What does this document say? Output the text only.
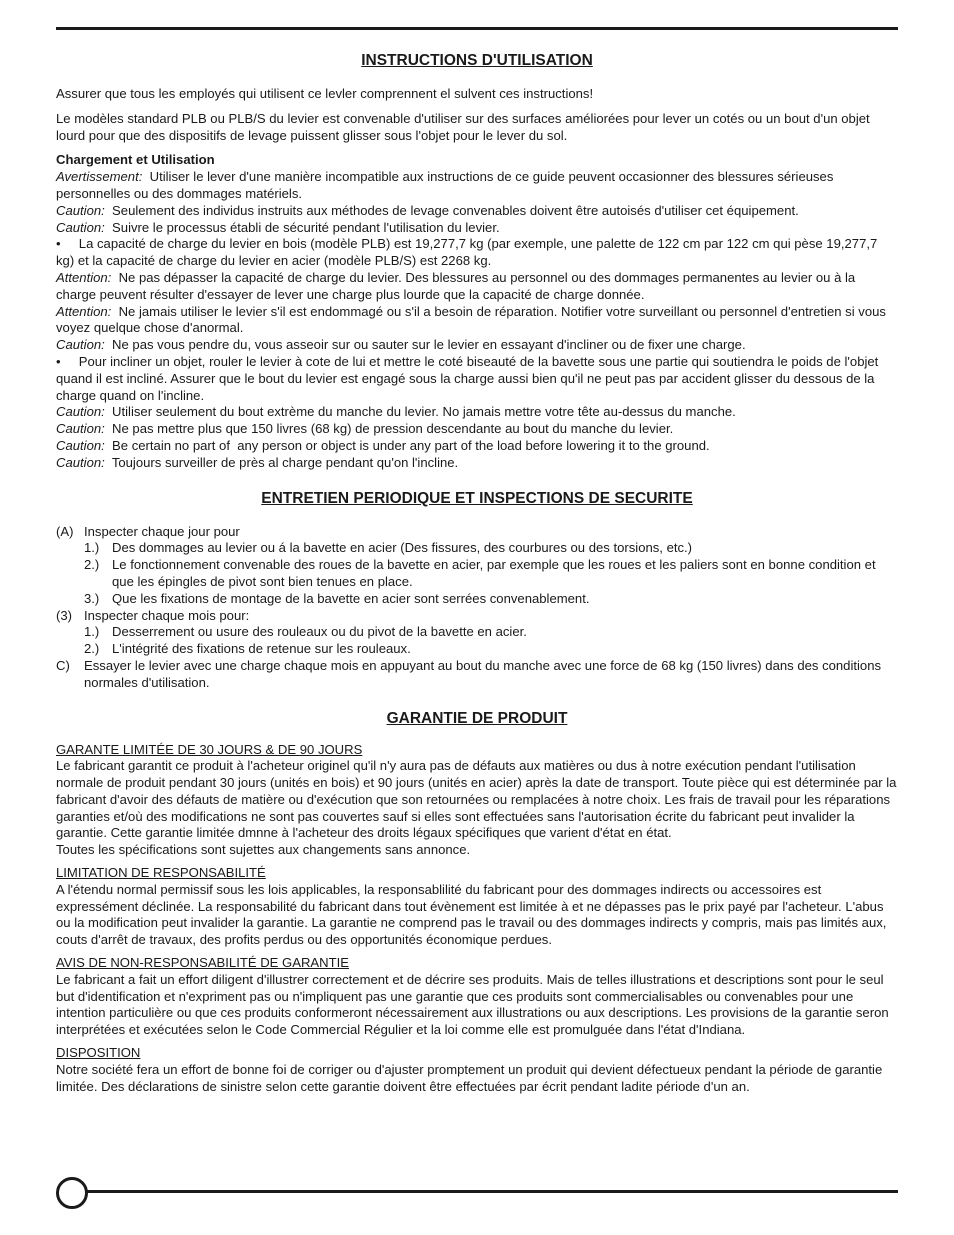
INSTRUCTIONS D'UTILISATION

Assurer que tous les employés qui utilisent ce levler comprennent el sulvent ces instructions!

Le modèles standard PLB ou PLB/S du levier est convenable d'utiliser sur des surfaces améliorées pour lever un cotés ou un bout d'un objet lourd pour que des dispositifs de levage puissent glisser sous l'objet pour le lever du sol.

Chargement et Utilisation

Avertissement:  Utiliser le lever d'une manière incompatible aux instructions de ce guide peuvent occasionner des blessures sérieuses personnelles ou des dommages matériels.

Caution:  Seulement des individus instruits aux méthodes de levage convenables doivent être autoisés d'utiliser cet équipement.

Caution:  Suivre le processus établi de sécurité pendant l'utilisation du levier.

•     La capacité de charge du levier en bois (modèle PLB) est 19,277,7 kg (par exemple, une palette de 122 cm par 122 cm qui pèse 19,277,7 kg) et la capacité de charge du levier en acier (modèle PLB/S) est 2268 kg.

Attention:  Ne pas dépasser la capacité de charge du levier. Des blessures au personnel ou des dommages permanentes au levier ou à la charge peuvent résulter d'essayer de lever une charge plus lourde que la capacité de charge donnée.

Attention:  Ne jamais utiliser le levier s'il est endommagé ou s'il a besoin de réparation. Notifier votre surveillant ou personnel d'entretien si vous voyez quelque chose d'anormal.

Caution:  Ne pas vous pendre du, vous asseoir sur ou sauter sur le levier en essayant d'incliner ou de fixer une charge.

•     Pour incliner un objet, rouler le levier à cote de lui et mettre le coté biseauté de la bavette sous une partie qui soutiendra le poids de l'objet quand il est incliné. Assurer que le bout du levier est engagé sous la charge aussi bien qu'il ne peut pas par accident glisser du dessous de la charge quand on l'incline.

Caution:  Utiliser seulement du bout extrème du manche du levier. No jamais mettre votre tête au-dessus du manche.

Caution:  Ne pas mettre plus que 150 livres (68 kg) de pression descendante au bout du manche du levier.

Caution:  Be certain no part of  any person or object is under any part of the load before lowering it to the ground.

Caution:  Toujours surveiller de près al charge pendant qu'on l'incline.

ENTRETIEN PERIODIQUE ET INSPECTIONS DE SECURITE
(A) Inspecter chaque jour pour
1.) Des dommages au levier ou á la bavette en acier (Des fissures, des courbures ou des torsions, etc.)
2.) Le fonctionnement convenable des roues de la bavette en acier, par exemple que les roues et les paliers sont en bonne condition et que les épingles de pivot sont bien tenues en place.
3.) Que les fixations de montage de la bavette en acier sont serrées convenablement.
(3) Inspecter chaque mois pour:
1.) Desserrement ou usure des rouleaux ou du pivot de la bavette en acier.
2.) L'intégrité des fixations de retenue sur les rouleaux.
C)	Essayer le levier avec une charge chaque mois en appuyant au bout du manche avec une force de 68 kg (150 livres) dans des conditions normales d'utilisation.
GARANTIE DE PRODUIT

GARANTE LIMITÉE DE 30 JOURS & DE 90 JOURS

Le fabricant garantit ce produit à l'acheteur originel qu'il n'y aura pas de défauts aux matières ou dus à notre exécution pendant l'utilisation normale de produit pendant 30 jours (unités en bois) et 90 jours (unités en acier) après la date de transport. Toute pièce qui est déterminée par la fabricant d'avoir des défauts de matière ou d'exécution que son retournées ou remplacées à notre choix. Les frais de travail pour les réparations garanties et/où des modifications ne sont pas couvertes sauf si elles sont effectuées sans l'autorisation écrite du fabricant peut invalider la garantie. Cette garantie limitée dmnne à l'acheteur des droits légaux spécifiques que varient d'état en état.

Toutes les spécifications sont sujettes aux changements sans annonce.

LIMITATION DE RESPONSABILITÉ

A l'étendu normal permissif sous les lois applicables, la responsablilité du fabricant pour des dommages indirects ou accessoires est expressément déclinée. La responsabilité du fabricant dans tout évènement est limitée à et ne dépasses pas le prix payé par l'acheteur. L'abus ou la modification peut invalider la garantie. La garantie ne comprend pas le travail ou des dommages indirects y compris, mais pas limités aux, couts d'arrêt de travaux, des profits perdus ou des opportunités économique perdues.

AVIS DE NON-RESPONSABILITÉ DE GARANTIE

Le fabricant a fait un effort diligent d'illustrer correctement et de décrire ses produits. Mais de telles illustrations et descriptions sont pour le seul but d'identification et n'expriment pas ou n'impliquent pas une garantie que ces produits sont commercialisables ou convenables pour une intention particulière ou que ces produits conformeront nécessairement aux illustrations ou aux descriptions. Les provisions de la garantie seron interprétées et exécutées selon le Code Commercial Régulier et la loi comme elle est promulguée dans l'état d'Indiana.

DISPOSITION

Notre société fera un effort de bonne foi de corriger ou d'ajuster promptement un produit qui devient défectueux pendant la période de garantie limitée. Des déclarations de sinistre selon cette garantie doivent être effectuées par écrit pendant ladite période d'un an.
